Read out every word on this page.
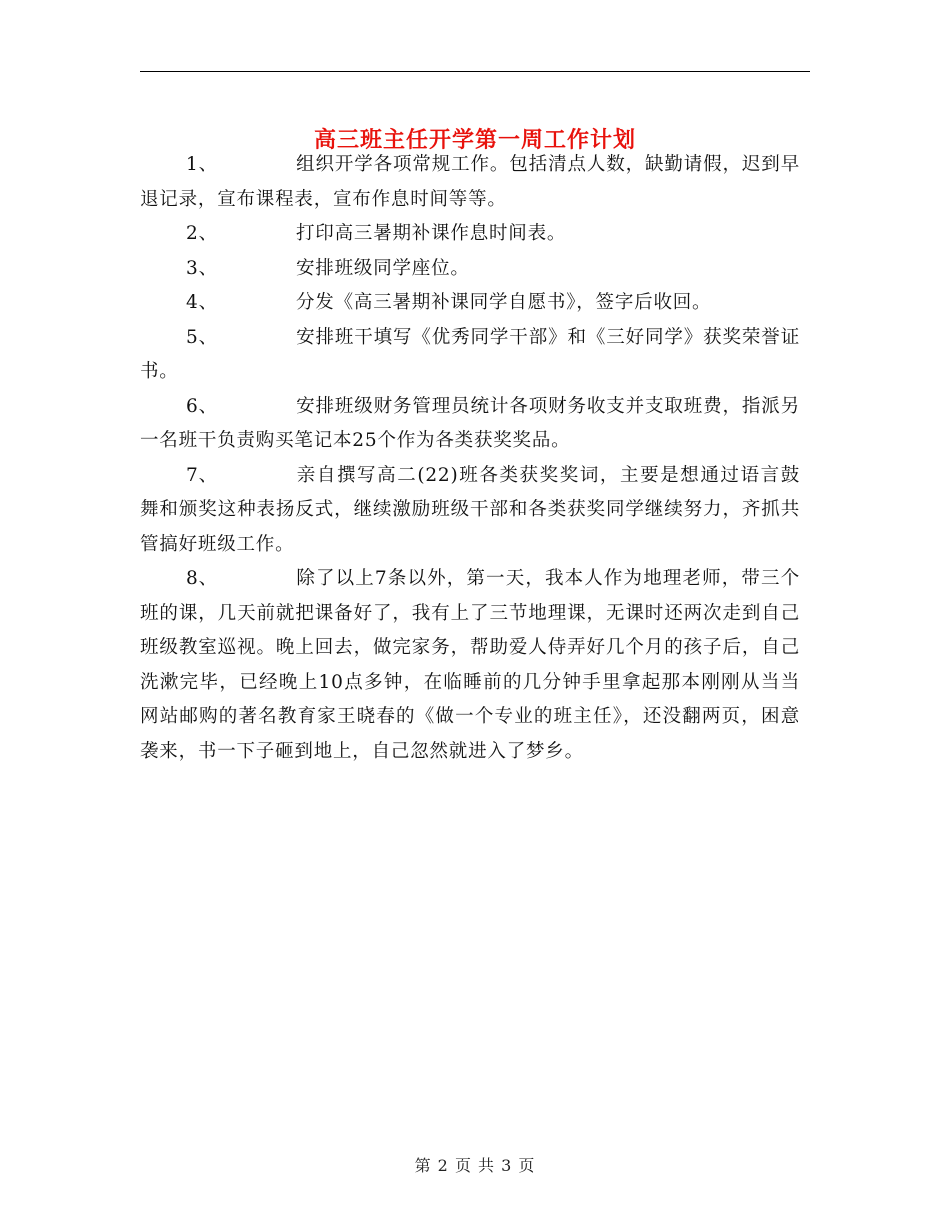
高三班主任开学第一周工作计划

1、	组织开学各项常规工作。包括清点人数，缺勤请假，迟到早退记录，宣布课程表，宣布作息时间等等。

2、	打印高三暑期补课作息时间表。

3、	安排班级同学座位。

4、	分发《高三暑期补课同学自愿书》，签字后收回。

5、	安排班干填写《优秀同学干部》和《三好同学》获奖荣誉证书。

6、	安排班级财务管理员统计各项财务收支并支取班费，指派另一名班干负责购买笔记本25个作为各类获奖奖品。

7、	亲自撰写高二(22)班各类获奖奖词，主要是想通过语言鼓舞和颁奖这种表扬反式，继续激励班级干部和各类获奖同学继续努力，齐抓共管搞好班级工作。

8、	除了以上7条以外，第一天，我本人作为地理老师，带三个班的课，几天前就把课备好了，我有上了三节地理课，无课时还两次走到自己班级教室巡视。晚上回去，做完家务，帮助爱人侍弄好几个月的孩子后，自己洗漱完毕，已经晚上10点多钟，在临睡前的几分钟手里拿起那本刚刚从当当网站邮购的著名教育家王晓春的《做一个专业的班主任》，还没翻两页，困意袭来，书一下子砸到地上，自己忽然就进入了梦乡。

第 2 页 共 3 页
